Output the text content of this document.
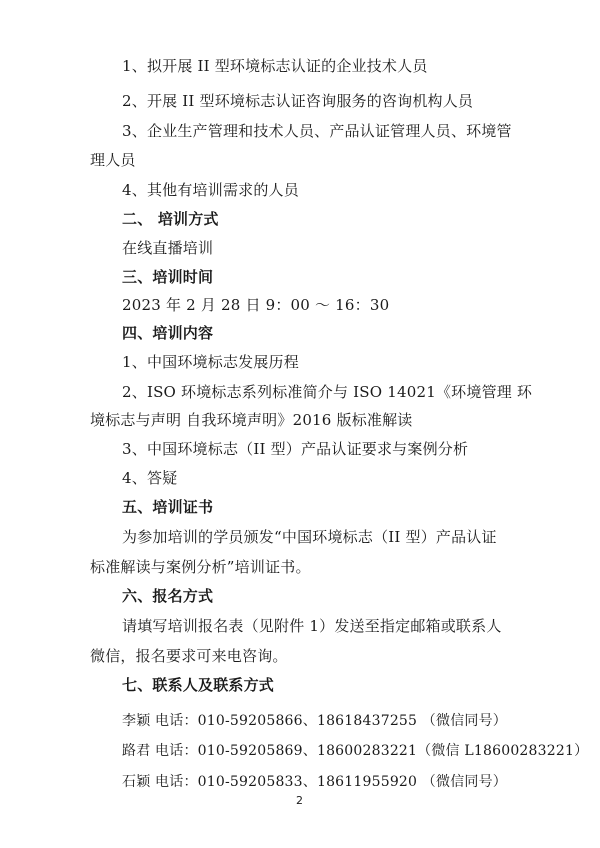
1、拟开展 II 型环境标志认证的企业技术人员
2、开展 II 型环境标志认证咨询服务的咨询机构人员
3、企业生产管理和技术人员、产品认证管理人员、环境管
理人员
4、其他有培训需求的人员
二、 培训方式
在线直播培训
三、培训时间
2023 年 2 月 28 日 9：00 ～ 16：30
四、培训内容
1、中国环境标志发展历程
2、ISO 环境标志系列标准简介与 ISO 14021《环境管理 环
境标志与声明 自我环境声明》2016 版标准解读
3、中国环境标志（II 型）产品认证要求与案例分析
4、答疑
五、培训证书
为参加培训的学员颁发“中国环境标志（II 型）产品认证
标准解读与案例分析”培训证书。
六、报名方式
请填写培训报名表（见附件 1）发送至指定邮箱或联系人
微信，报名要求可来电咨询。
七、联系人及联系方式
李颖 电话：010-59205866、18618437255 （微信同号）
路君 电话：010-59205869、18600283221（微信 L18600283221）
石颖 电话：010-59205833、18611955920 （微信同号）
2
